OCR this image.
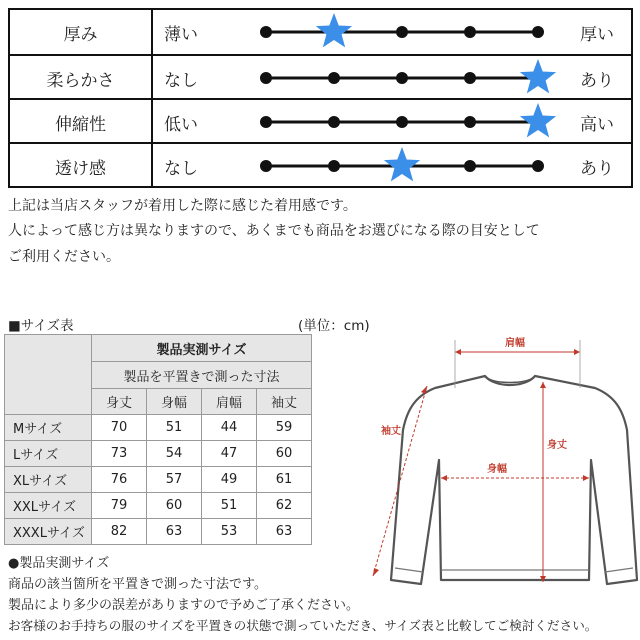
厚み	薄い	厚い
柔らかさ	なし	あり
伸縮性	低い	高い
透け感	なし	あり
上記は当店スタッフが着用した際に感じた着用感です。
人によって感じ方は異なりますので、あくまでも商品をお選びになる際の目安として
ご利用ください。
■サイズ表	(単位：cm)
	製品実測サイズ			
	製品を平置きで測った寸法			
	身丈	身幅	肩幅	袖丈
Mサイズ	70	51	44	59
Lサイズ	73	54	47	60
XLサイズ	76	57	49	61
XXLサイズ	79	60	51	62
XXXLサイズ	82	63	53	63
●製品実測サイズ
商品の該当箇所を平置きで測った寸法です。
製品により多少の誤差がありますので予めご了承ください。
お客様のお手持ちの服のサイズを平置きの状態で測っていただき、サイズ表と比較してご検討ください。
肩幅
袖丈
身丈
身幅
